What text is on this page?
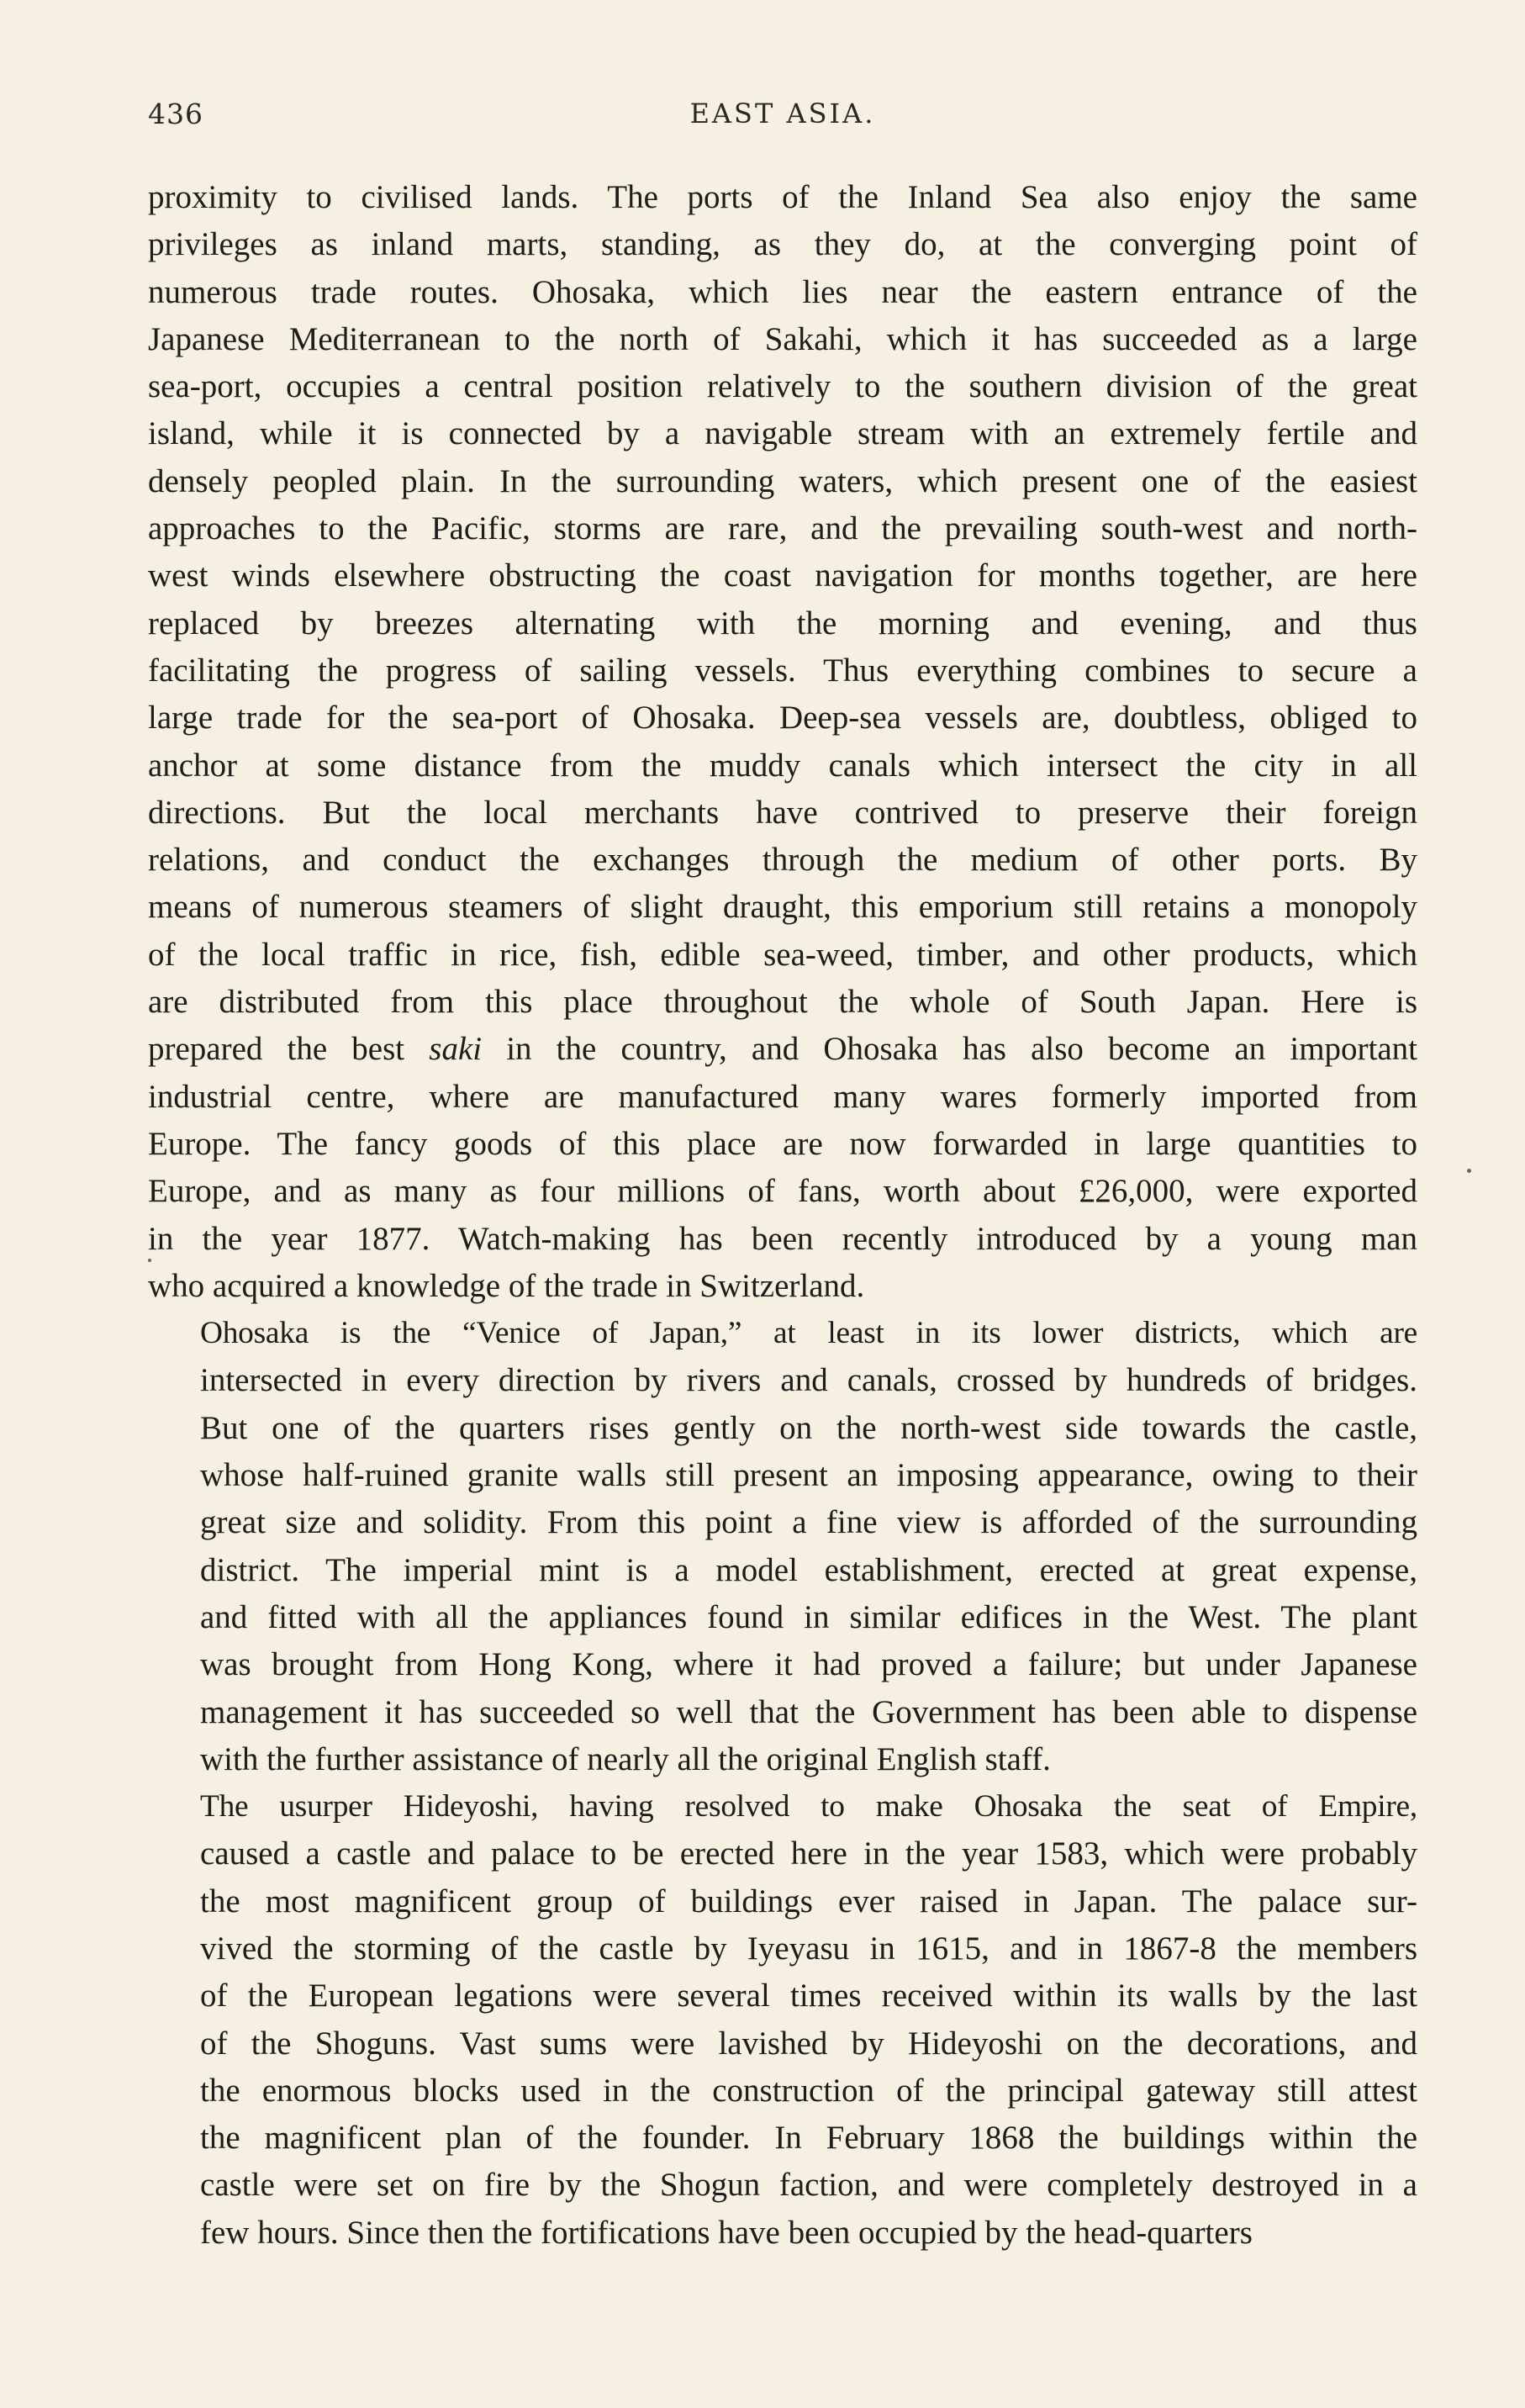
436	EAST ASIA.
proximity to civilised lands. The ports of the Inland Sea also enjoy the same
privileges as inland marts, standing, as they do, at the converging point of
numerous trade routes. Ohosaka, which lies near the eastern entrance of the
Japanese Mediterranean to the north of Sakahi, which it has succeeded as a large
sea-port, occupies a central position relatively to the southern division of the great
island, while it is connected by a navigable stream with an extremely fertile and
densely peopled plain. In the surrounding waters, which present one of the easiest
approaches to the Pacific, storms are rare, and the prevailing south-west and north-
west winds elsewhere obstructing the coast navigation for months together, are here
replaced by breezes alternating with the morning and evening, and thus
facilitating the progress of sailing vessels. Thus everything combines to secure a
large trade for the sea-port of Ohosaka. Deep-sea vessels are, doubtless, obliged to
anchor at some distance from the muddy canals which intersect the city in all
directions. But the local merchants have contrived to preserve their foreign
relations, and conduct the exchanges through the medium of other ports. By
means of numerous steamers of slight draught, this emporium still retains a monopoly
of the local traffic in rice, fish, edible sea-weed, timber, and other products, which
are distributed from this place throughout the whole of South Japan. Here is
prepared the best saki in the country, and Ohosaka has also become an important
industrial centre, where are manufactured many wares formerly imported from
Europe. The fancy goods of this place are now forwarded in large quantities to
Europe, and as many as four millions of fans, worth about £26,000, were exported
in the year 1877. Watch-making has been recently introduced by a young man
who acquired a knowledge of the trade in Switzerland.
Ohosaka is the “Venice of Japan,” at least in its lower districts, which are
intersected in every direction by rivers and canals, crossed by hundreds of bridges.
But one of the quarters rises gently on the north-west side towards the castle,
whose half-ruined granite walls still present an imposing appearance, owing to their
great size and solidity. From this point a fine view is afforded of the surrounding
district. The imperial mint is a model establishment, erected at great expense,
and fitted with all the appliances found in similar edifices in the West. The plant
was brought from Hong Kong, where it had proved a failure; but under Japanese
management it has succeeded so well that the Government has been able to dispense
with the further assistance of nearly all the original English staff.
The usurper Hideyoshi, having resolved to make Ohosaka the seat of Empire,
caused a castle and palace to be erected here in the year 1583, which were probably
the most magnificent group of buildings ever raised in Japan. The palace sur-
vived the storming of the castle by Iyeyasu in 1615, and in 1867-8 the members
of the European legations were several times received within its walls by the last
of the Shoguns. Vast sums were lavished by Hideyoshi on the decorations, and
the enormous blocks used in the construction of the principal gateway still attest
the magnificent plan of the founder. In February 1868 the buildings within the
castle were set on fire by the Shogun faction, and were completely destroyed in a
few hours. Since then the fortifications have been occupied by the head-quarters
